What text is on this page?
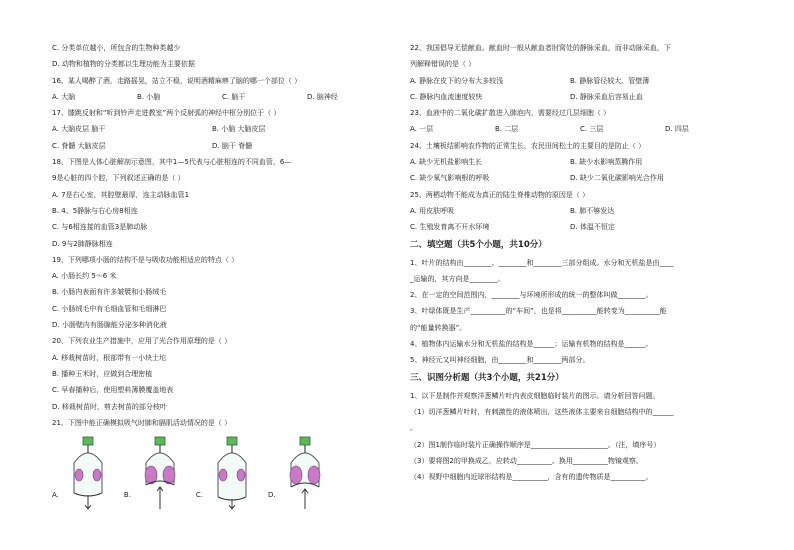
C. 分类单位越小，所包含的生物种类越少
D. 动物和植物的分类都以生理功能为主要依据
16、某人喝醉了酒，走路摇晃，站立不稳，说明酒精麻痹了脑的哪一个部位（ ）
A. 大脑	B. 小脑	C. 脑干	D. 脑神经
17、膝跳反射和“听到铃声走进教室”两个反射弧的神经中枢分别位于（ ）
A. 大脑皮层 脑干	B. 小脑 大脑皮层
C. 脊髓 大脑皮层	D. 脑干 脊髓
18、下图是人体心脏解剖示意图，其中1—5代表与心脏相连的不同血管，6—
9是心脏的四个腔，下列叙述正确的是（ ）
A. 7是右心室，其腔壁最厚，连主动脉血管1
B. 4、5静脉与右心房8相连
C. 与6相连接的血管3是肺动脉
D. 9与2肺静脉相连
19、下列哪项小肠的结构不是与吸收功能相适应的特点（ ）
A. 小肠长约 5～6 米
B. 小肠内表面有许多皱襞和小肠绒毛
C. 小肠绒毛中有毛细血管和毛细淋巴
D. 小肠壁内有肠腺能分泌多种消化液
20、下列农业生产措施中，应用了光合作用原理的是（ ）
A. 移栽树苗时，根部带有一小块土坨
B. 播种玉米时，应做到合理密植
C. 早春播种后，使用塑料薄膜覆盖地表
D. 移栽树苗时，剪去树苗的部分枝叶
21、下图中能正确模拟吸气时肺和膈肌活动情况的是（ ）
A.	B.	C.	D.
22、我国倡导无偿献血。献血时一般从献血者肘窝处的静脉采血，而非动脉采血，下
列解释错误的是（ ）
A. 静脉在皮下的分布大多较浅	B. 静脉管径较大、管壁薄
C. 静脉内血流速度较快	D. 静脉采血后容易止血
23、血液中的二氧化碳扩散进入肺泡内，需要经过几层细胞（ ）
A. 一层	B. 二层	C. 三层	D. 四层
24、土壤板结影响农作物的正常生长，农民田间松土的主要目的是防止（ ）
A. 缺少无机盐影响生长	B. 缺少水影响蒸腾作用
C. 缺少氧气影响根的呼吸	D. 缺少二氧化碳影响光合作用
25、两栖动物不能成为真正的陆生脊椎动物的原因是（ ）
A. 用皮肤呼吸	B. 肺不够发达
C. 生殖发育离不开水环境	D. 体温不恒定
二、填空题（共5个小题，共10分）
1、叶片的结构由________、________和________三部分组成。水分和无机盐是由____
_运输的，其方向是________。
2、在一定的空间范围内，________与环境所形成的统一的整体叫做________。
3、叶绿体既是生产__________的“车间”，也是将__________能转变为__________能
的“能量转换器”。
4、植物体内运输水分和无机盐的结构是______；运输有机物的结构是______。
5、神经元又叫神经细胞，由________和________两部分。
三、识图分析题（共3个小题，共21分）
1、以下是制作并观察洋葱鳞片叶内表皮细胞临时装片的图示。请分析回答问题。
（1）切洋葱鳞片叶时，有刺激性的液体喷出，这些液体主要来自细胞结构中的______
。
（2）图1制作临时装片正确操作顺序是______________________。（注，填序号）
（3）要将图2的甲换成乙，应转动__________。换用__________物镜观察。
（4）视野中细胞内近球形结构是__________，含有的遗传物质是__________。
